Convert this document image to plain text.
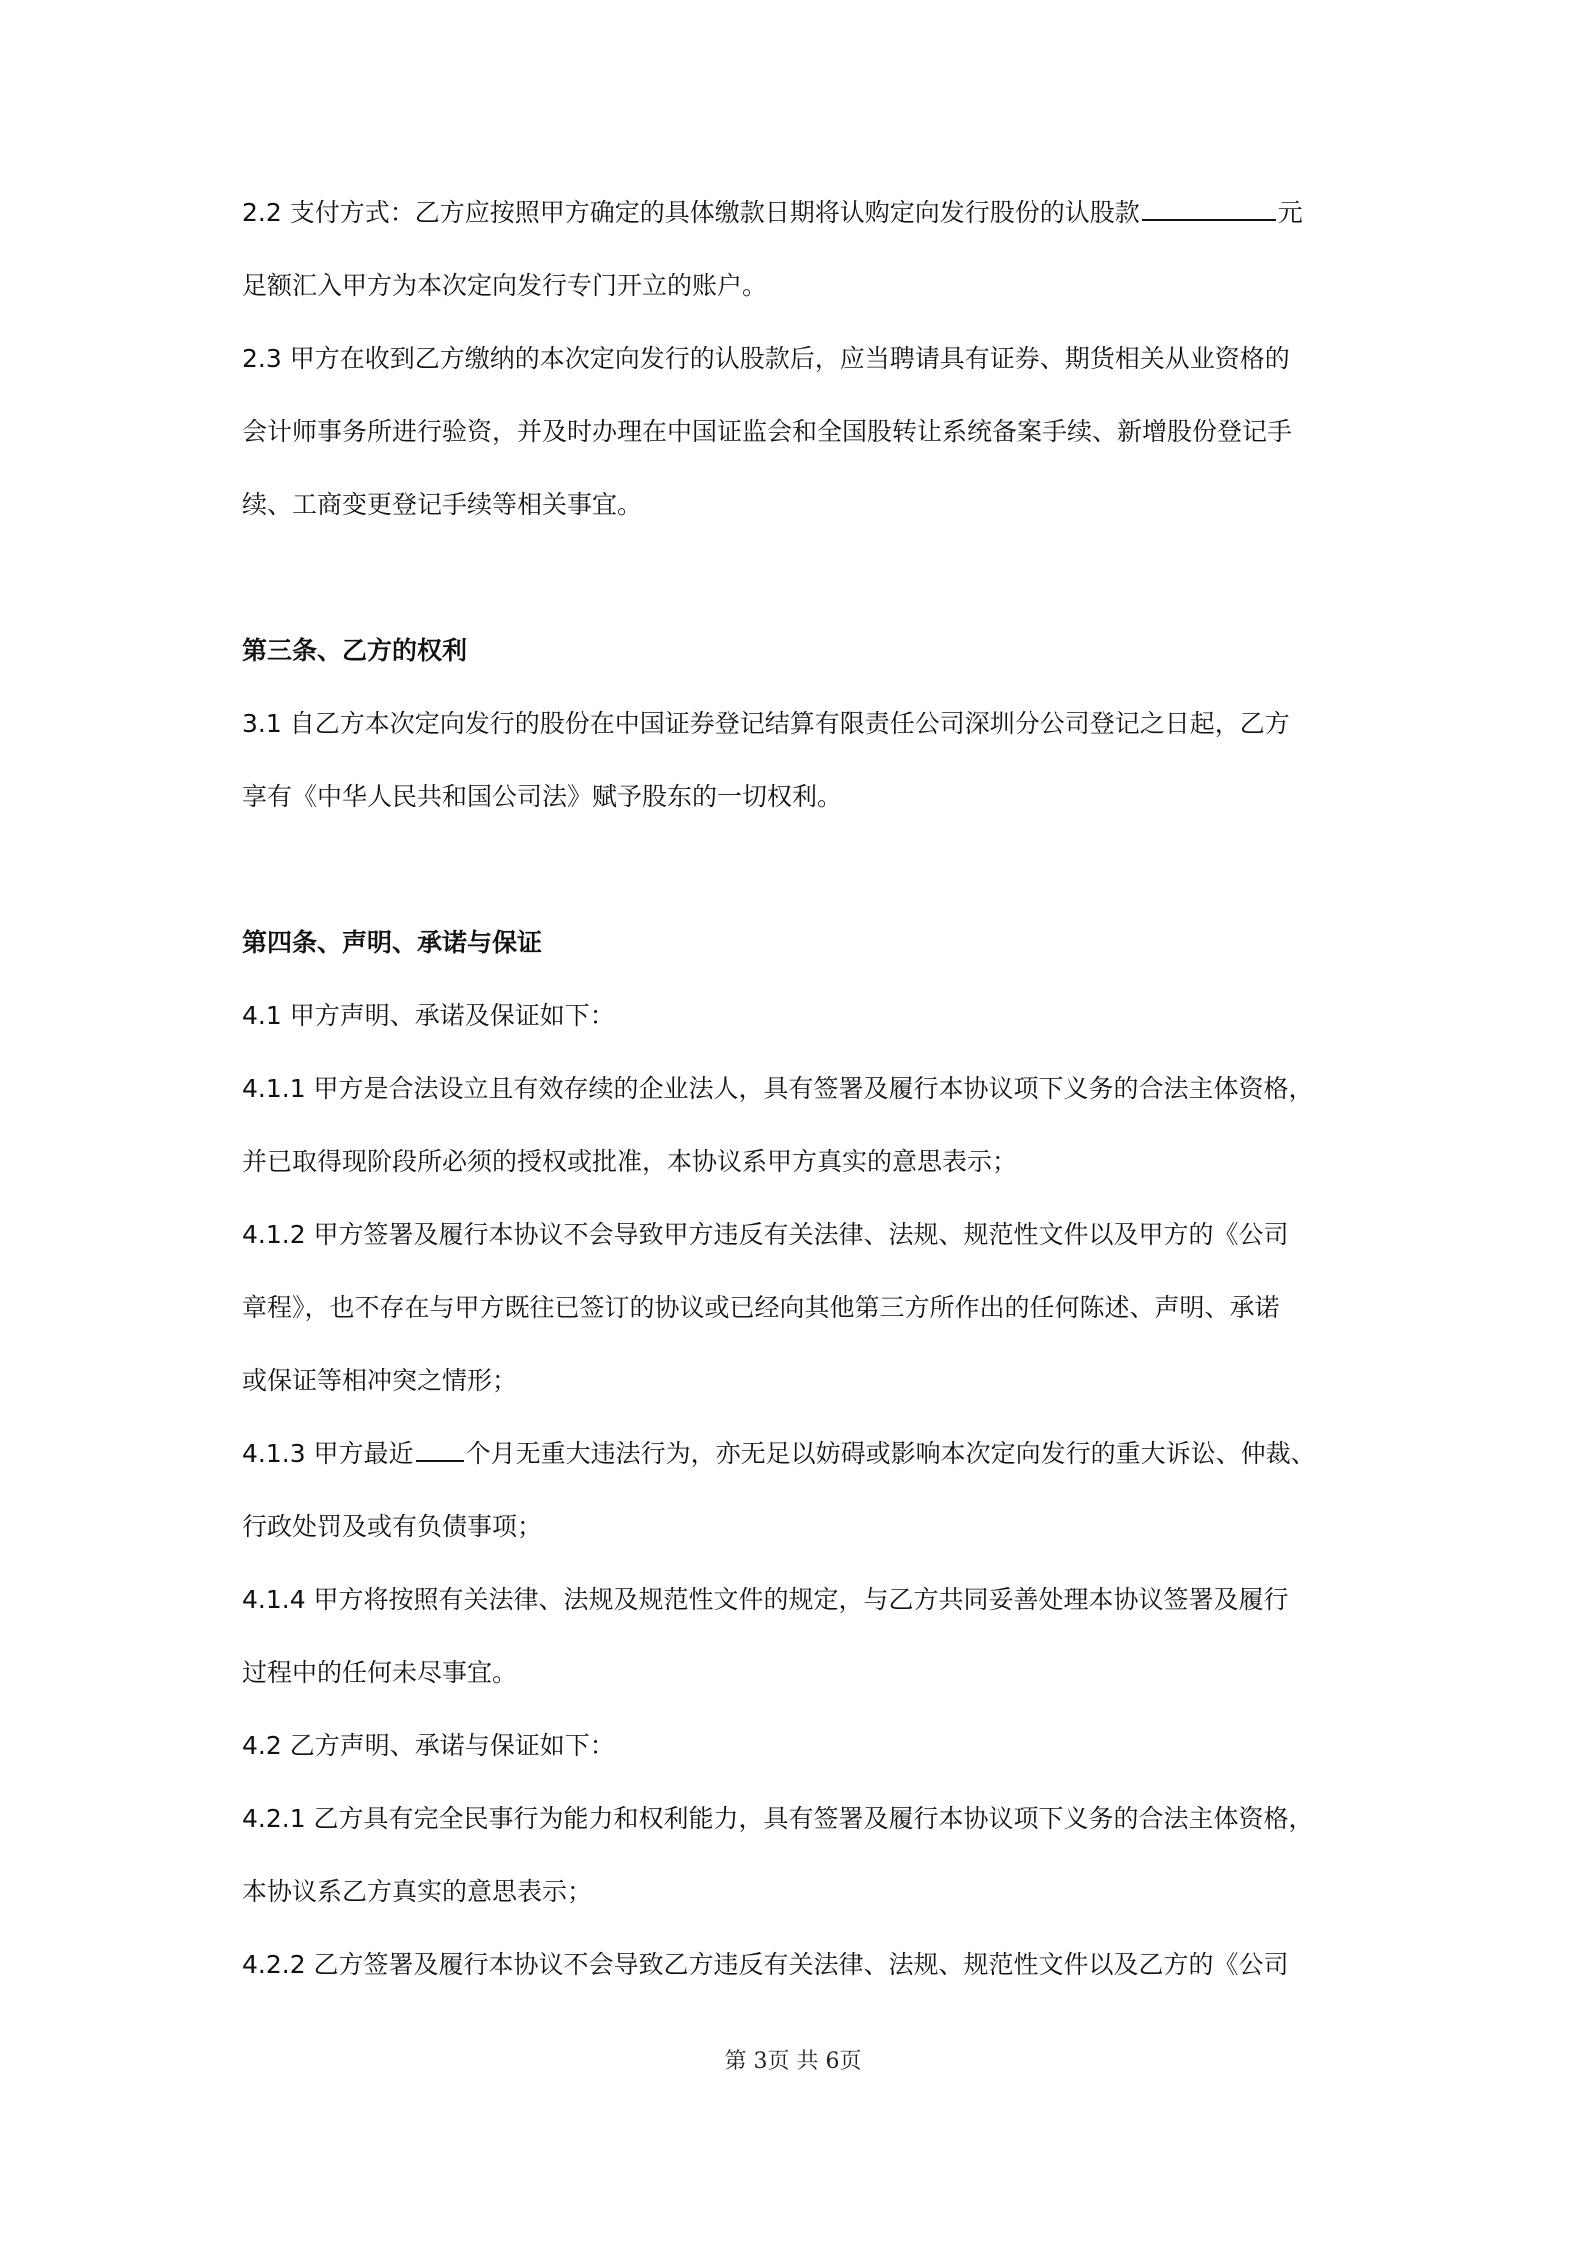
2.2 支付方式：乙方应按照甲方确定的具体缴款日期将认购定向发行股份的认股款	元
足额汇入甲方为本次定向发行专门开立的账户。
2.3 甲方在收到乙方缴纳的本次定向发行的认股款后，应当聘请具有证券、期货相关从业资格的
会计师事务所进行验资，并及时办理在中国证监会和全国股转让系统备案手续、新增股份登记手
续、工商变更登记手续等相关事宜。
第三条、乙方的权利
3.1 自乙方本次定向发行的股份在中国证券登记结算有限责任公司深圳分公司登记之日起，乙方
享有《中华人民共和国公司法》赋予股东的一切权利。
第四条、声明、承诺与保证
4.1 甲方声明、承诺及保证如下：
4.1.1 甲方是合法设立且有效存续的企业法人，具有签署及履行本协议项下义务的合法主体资格，
并已取得现阶段所必须的授权或批准，本协议系甲方真实的意思表示；
4.1.2 甲方签署及履行本协议不会导致甲方违反有关法律、法规、规范性文件以及甲方的《公司
章程》，也不存在与甲方既往已签订的协议或已经向其他第三方所作出的任何陈述、声明、承诺
或保证等相冲突之情形；
4.1.3 甲方最近 个月无重大违法行为，亦无足以妨碍或影响本次定向发行的重大诉讼、仲裁、
行政处罚及或有负债事项；
4.1.4 甲方将按照有关法律、法规及规范性文件的规定，与乙方共同妥善处理本协议签署及履行
过程中的任何未尽事宜。
4.2 乙方声明、承诺与保证如下：
4.2.1 乙方具有完全民事行为能力和权利能力，具有签署及履行本协议项下义务的合法主体资格，
本协议系乙方真实的意思表示；
4.2.2 乙方签署及履行本协议不会导致乙方违反有关法律、法规、规范性文件以及乙方的《公司
第 3页 共 6页
